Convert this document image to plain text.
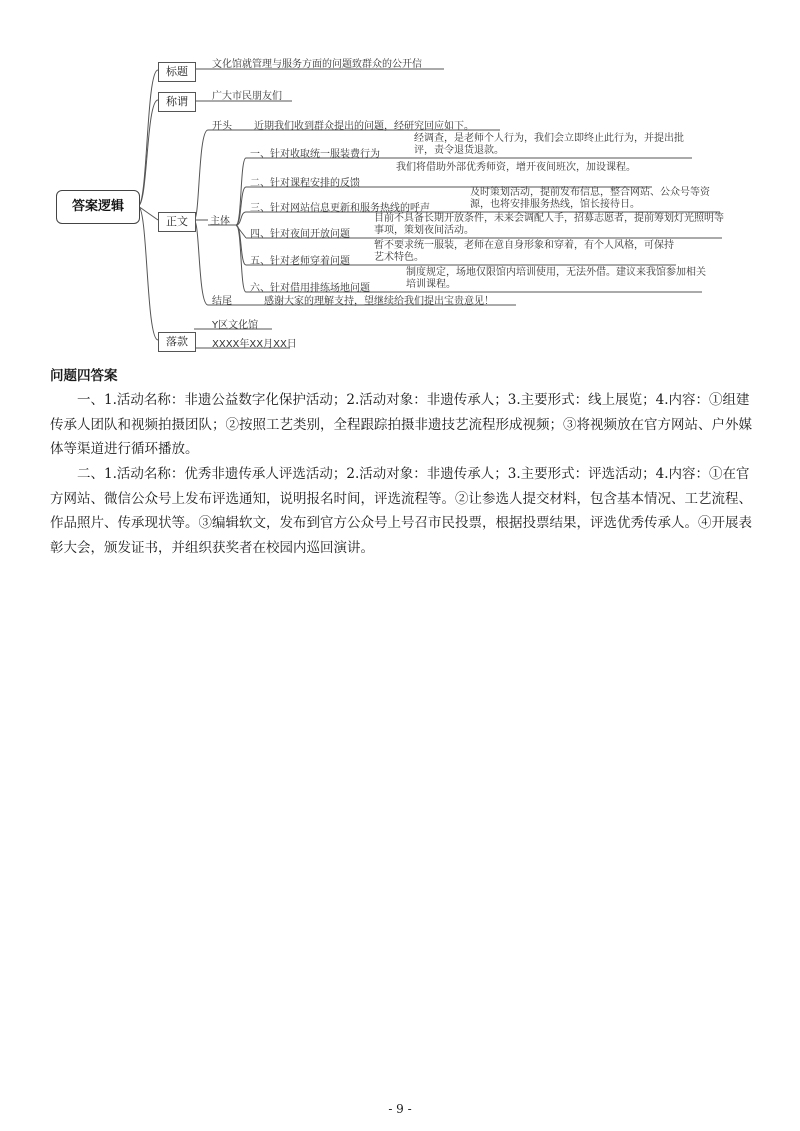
答案逻辑
标题
文化馆就管理与服务方面的问题致群众的公开信
称谓	广大市民朋友们
正文
落款
Y区文化馆
XXXX年XX月XX日
开头 近期我们收到群众提出的问题，经研究回应如下。
主体
结尾	感谢大家的理解支持，望继续给我们提出宝贵意见！
一、针对收取统一服装费行为
经调查，是老师个人行为，我们会立即终止此行为，并提出批评，责令退货退款。
二、针对课程安排的反馈
我们将借助外部优秀师资，增开夜间班次，加设课程。
三、针对网站信息更新和服务热线的呼声
及时策划活动，提前发布信息，整合网站、公众号等资源，也将安排服务热线，馆长接待日。
四、针对夜间开放问题
目前不具备长期开放条件，未来会调配人手，招募志愿者，提前筹划灯光照明等事项，策划夜间活动。
五、针对老师穿着问题
暂不要求统一服装，老师在意自身形象和穿着，有个人风格，可保持艺术特色。
六、针对借用排练场地问题
制度规定，场地仅限馆内培训使用，无法外借。建议来我馆参加相关培训课程。
问题四答案
一、1.活动名称：非遗公益数字化保护活动；2.活动对象：非遗传承人；3.主要形式：线上展览；4.内容：①组建传承人团队和视频拍摄团队；②按照工艺类别，全程跟踪拍摄非遗技艺流程形成视频；③将视频放在官方网站、户外媒体等渠道进行循环播放。
二、1.活动名称：优秀非遗传承人评选活动；2.活动对象：非遗传承人；3.主要形式：评选活动；4.内容：①在官方网站、微信公众号上发布评选通知，说明报名时间，评选流程等。②让参选人提交材料，包含基本情况、工艺流程、作品照片、传承现状等。③编辑软文，发布到官方公众号上号召市民投票，根据投票结果，评选优秀传承人。④开展表彰大会，颁发证书，并组织获奖者在校园内巡回演讲。
- 9 -
